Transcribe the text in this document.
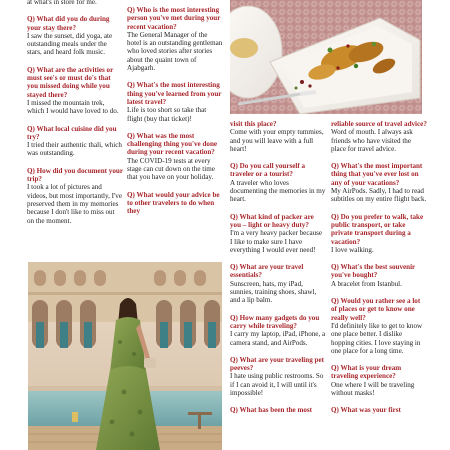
at what's in store for me.
Q) What did you do during your stay there?
I saw the sunset, did yoga, ate outstanding meals under the stars, and heard folk music.
Q) What are the activities or must see's or must do's that you missed doing while you stayed there?
I missed the mountain trek, which I would have loved to do.
Q) What local cuisine did you try?
I tried their authentic thali, which was outstanding.
Q) How did you document your trip?
I took a lot of pictures and videos, but most importantly, I've preserved them in my memories because I don't like to miss out on the moment.
Q) Who is the most interesting person you've met during your recent vacation?
The General Manager of the hotel is an outstanding gentleman who loved stories after stories about the quaint town of Ajabgarh.
Q) What's the most interesting thing you've learned from your latest travel?
Life is too short so take that flight (buy that ticket)!
Q) What was the most challenging thing you've done during your recent vacation?
The COVID-19 tests at every stage can cut down on the time that you have on your holiday.
Q) What would your advice be to other travelers to do when they
visit this place?
Come with your empty tummies, and you will leave with a full heart!
Q) Do you call yourself a traveler or a tourist?
A traveler who loves documenting the memories in my heart.
Q) What kind of packer are you – light or heavy duty?
I'm a very heavy packer because I like to make sure I have everything I would ever need!
Q) What are your travel essentials?
Sunscreen, hats, my iPad, sunnies, training shoes, shawl, and a lip balm.
Q) How many gadgets do you carry while traveling?
I carry my laptop, iPad, iPhone, a camera stand, and AirPods.
Q) What are your traveling pet peeves?
I hate using public restrooms. So if I can avoid it, I will until it's impossible!
Q) What has been the most
reliable source of travel advice?
Word of mouth. I always ask friends who have visited the place for travel advice.
Q) What's the most important thing that you've ever lost on any of your vacations?
My AirPods. Sadly, I had to read subtitles on my entire flight back.
Q) Do you prefer to walk, take public transport, or take private transport during a vacation?
I love walking.
Q) What's the best souvenir you've bought?
A bracelet from Istanbul.
Q) Would you rather see a lot of places or get to know one really well?
I'd definitely like to get to know one place better. I dislike hopping cities. I love staying in one place for a long time.
Q) What is your dream traveling experience?
One where I will be traveling without masks!
Q) What was your first
